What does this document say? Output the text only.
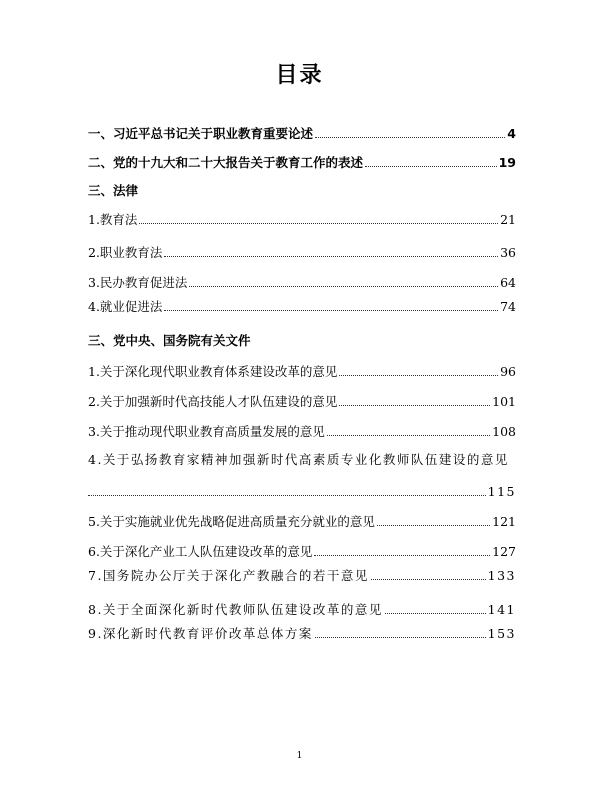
目录
一、习近平总书记关于职业教育重要论述	4
二、党的十九大和二十大报告关于教育工作的表述	19
三、法律
1.教育法	21
2.职业教育法	36
3.民办教育促进法	64
4.就业促进法	74
三、党中央、国务院有关文件
1.关于深化现代职业教育体系建设改革的意见	96
2.关于加强新时代高技能人才队伍建设的意见	101
3.关于推动现代职业教育高质量发展的意见	108
4.关于弘扬教育家精神加强新时代高素质专业化教师队伍建设的意见
115
5.关于实施就业优先战略促进高质量充分就业的意见	121
6.关于深化产业工人队伍建设改革的意见	127
7.国务院办公厅关于深化产教融合的若干意见	133
8.关于全面深化新时代教师队伍建设改革的意见	141
9.深化新时代教育评价改革总体方案	153
1
